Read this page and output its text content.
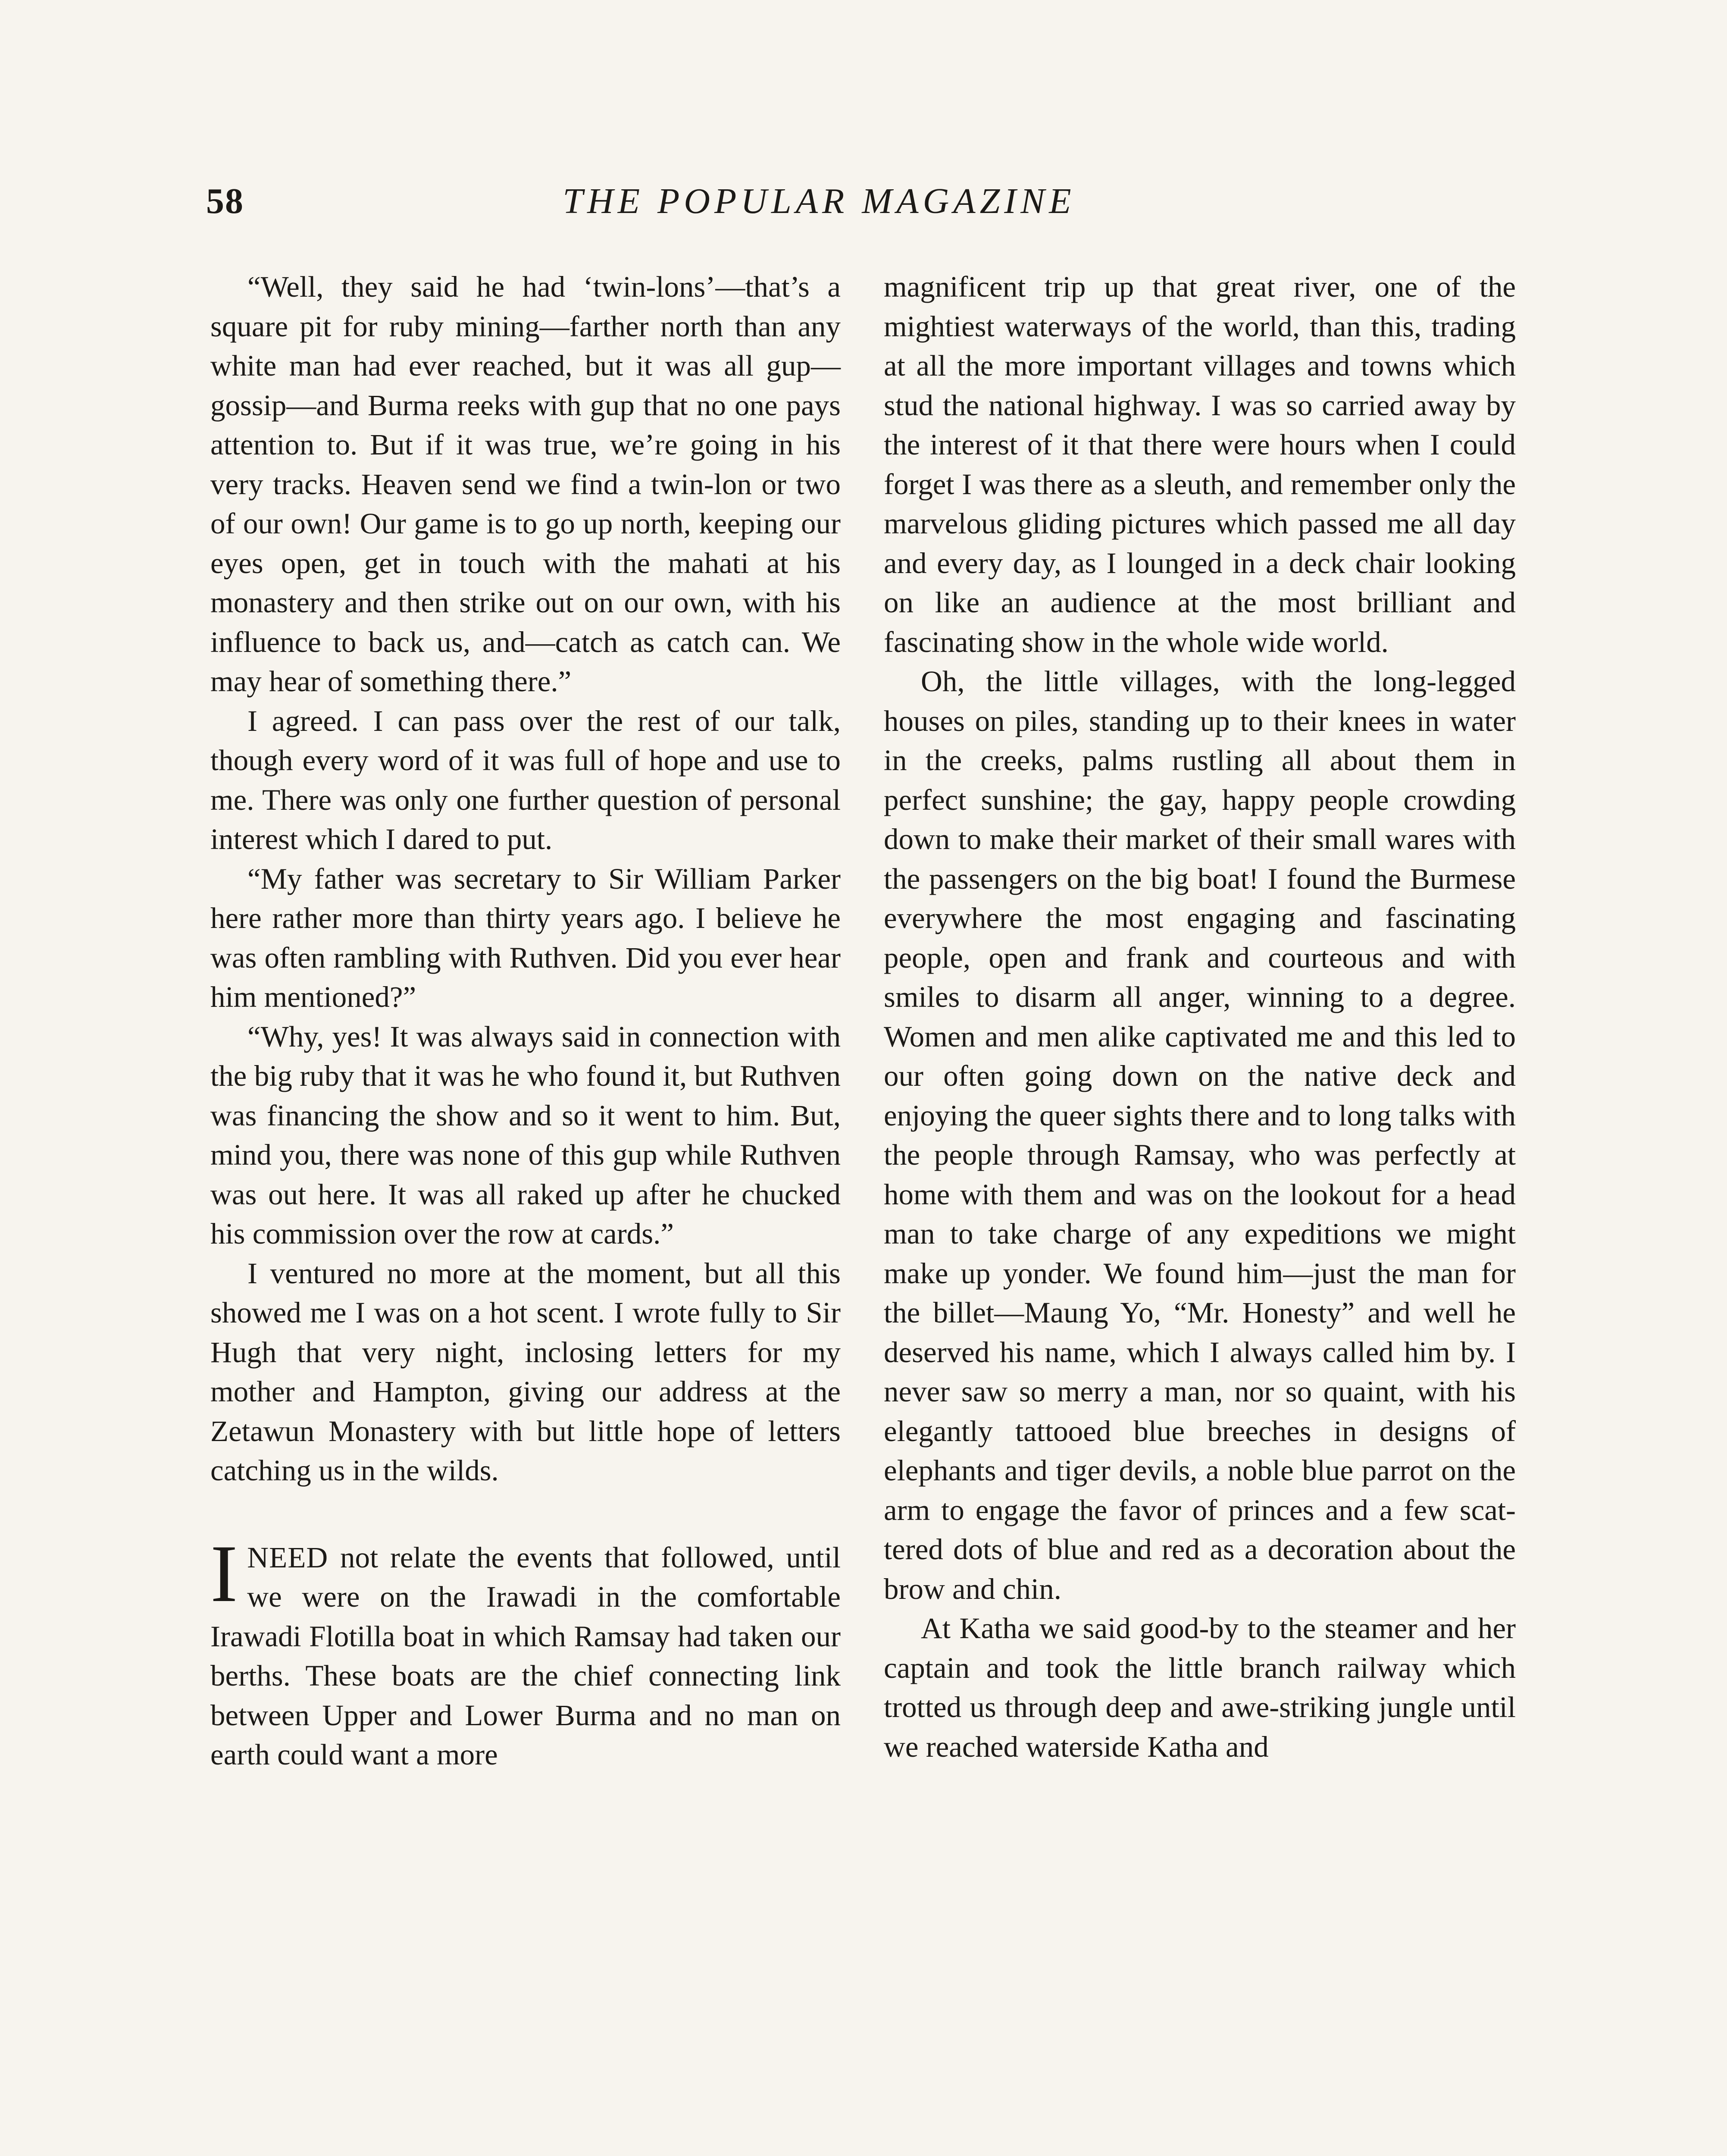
58	THE POPULAR MAGAZINE

“Well, they said he had ‘twin-lons’—that’s a square pit for ruby mining—farther north than any white man had ever reached, but it was all gup—gossip—and Burma reeks with gup that no one pays attention to. But if it was true, we’re going in his very tracks. Heaven send we find a twin-lon or two of our own! Our game is to go up north, keeping our eyes open, get in touch with the mahati at his monastery and then strike out on our own, with his influence to back us, and—catch as catch can. We may hear of something there.”

I agreed. I can pass over the rest of our talk, though every word of it was full of hope and use to me. There was only one further question of personal interest which I dared to put.

“My father was secretary to Sir William Parker here rather more than thirty years ago. I believe he was often rambling with Ruthven. Did you ever hear him mentioned?”

“Why, yes! It was always said in connection with the big ruby that it was he who found it, but Ruthven was financing the show and so it went to him. But, mind you, there was none of this gup while Ruthven was out here. It was all raked up after he chucked his commission over the row at cards.”

I ventured no more at the moment, but all this showed me I was on a hot scent. I wrote fully to Sir Hugh that very night, inclosing letters for my mother and Hampton, giving our address at the Zetawun Monastery with but little hope of letters catching us in the wilds.

INEED not relate the events that followed, until we were on the Irawadi in the comfortable Irawadi Flotilla boat in which Ramsay had taken our berths. These boats are the chief connecting link between Upper and Lower Burma and no man on earth could want a more

magnificent trip up that great river, one of the mightiest waterways of the world, than this, trading at all the more important villages and towns which stud the national highway. I was so carried away by the interest of it that there were hours when I could forget I was there as a sleuth, and remember only the marvelous gliding pictures which passed me all day and every day, as I lounged in a deck chair looking on like an audience at the most brilliant and fascinating show in the whole wide world.

Oh, the little villages, with the long-legged houses on piles, standing up to their knees in water in the creeks, palms rustling all about them in perfect sunshine; the gay, happy people crowding down to make their market of their small wares with the passengers on the big boat! I found the Burmese everywhere the most engaging and fascinating people, open and frank and courteous and with smiles to disarm all anger, winning to a degree. Women and men alike captivated me and this led to our often going down on the native deck and enjoying the queer sights there and to long talks with the people through Ramsay, who was perfectly at home with them and was on the lookout for a head man to take charge of any expeditions we might make up yonder. We found him—just the man for the billet—Maung Yo, “Mr. Honesty” and well he deserved his name, which I always called him by. I never saw so merry a man, nor so quaint, with his elegantly tattooed blue breeches in designs of elephants and tiger devils, a noble blue parrot on the arm to engage the favor of princes and a few scattered dots of blue and red as a decoration about the brow and chin.

At Katha we said good-by to the steamer and her captain and took the little branch railway which trotted us through deep and awe-striking jungle until we reached waterside Katha and
